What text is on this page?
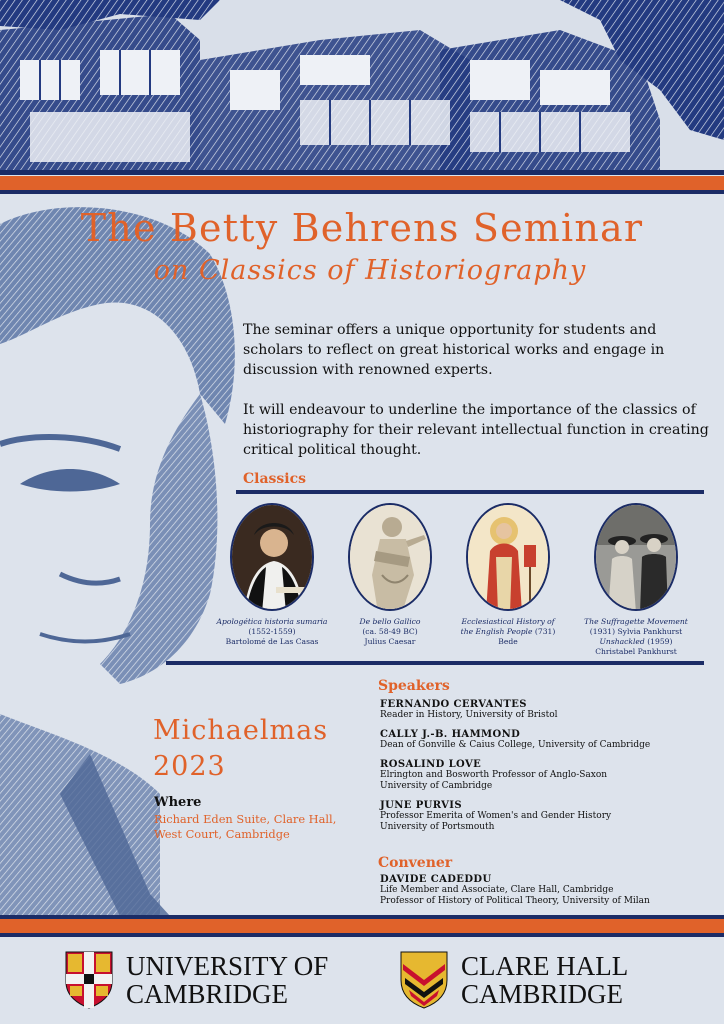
The Betty Behrens Seminar
on Classics of Historiography

The seminar offers a unique opportunity for students and scholars to reflect on great historical works and engage in discussion with renowned experts.

It will endeavour to underline the importance of the classics of historiography for their relevant intellectual function in creating critical political thought.

Classics
Apologética historia sumaria
(1552-1559)
Bartolomé de Las Casas
De bello Gallico
(ca. 58-49 BC)
Julius Caesar
Ecclesiastical History of
the English People (731)
Bede
The Suffragette Movement
(1931) Sylvia Pankhurst
Unshackled (1959)
Christabel Pankhurst
Speakers
FERNANDO CERVANTES
Reader in History, University of Bristol
CALLY J.-B. HAMMOND
Dean of Gonville & Caius College, University of Cambridge
ROSALIND LOVE
Elrington and Bosworth Professor of Anglo-Saxon
University of Cambridge
JUNE PURVIS
Professor Emerita of Women's and Gender History
University of Portsmouth
Convener
DAVIDE CADEDDU
Life Member and Associate, Clare Hall, Cambridge
Professor of History of Political Theory, University of Milan
Michaelmas
2023
Where
Richard Eden Suite, Clare Hall,
West Court, Cambridge
UNIVERSITY OF
CAMBRIDGE
CLARE HALL
CAMBRIDGE
